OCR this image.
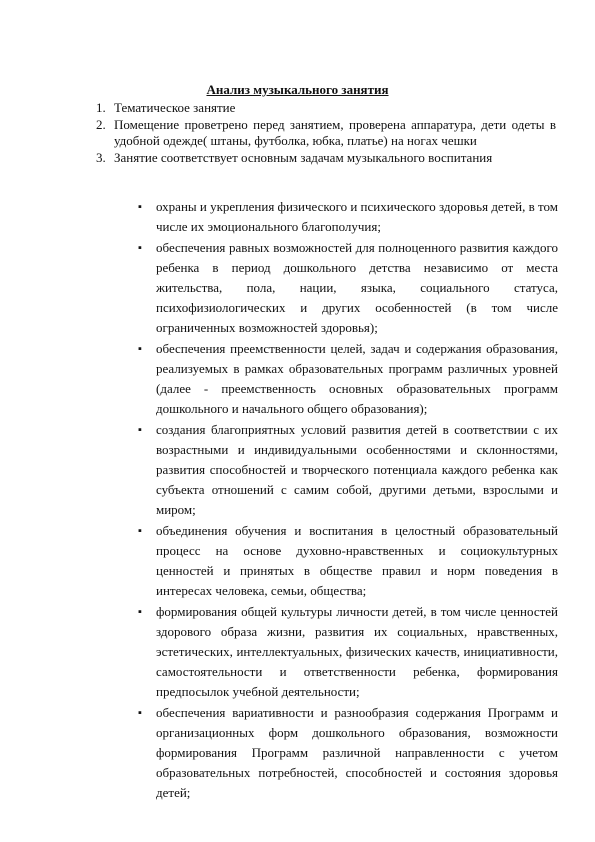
Анализ музыкального занятия
1. Тематическое занятие
2. Помещение проветрено перед занятием, проверена аппаратура, дети одеты в удобной одежде( штаны, футболка, юбка, платье) на ногах чешки
3. Занятие соответствует основным задачам музыкального воспитания
▪ охраны и укрепления физического и психического здоровья детей, в том числе их эмоционального благополучия;
▪ обеспечения равных возможностей для полноценного развития каждого ребенка в период дошкольного детства независимо от места жительства, пола, нации, языка, социального статуса, психофизиологических и других особенностей (в том числе ограниченных возможностей здоровья);
▪ обеспечения преемственности целей, задач и содержания образования, реализуемых в рамках образовательных программ различных уровней (далее - преемственность основных образовательных программ дошкольного и начального общего образования);
▪ создания благоприятных условий развития детей в соответствии с их возрастными и индивидуальными особенностями и склонностями, развития способностей и творческого потенциала каждого ребенка как субъекта отношений с самим собой, другими детьми, взрослыми и миром;
▪ объединения обучения и воспитания в целостный образовательный процесс на основе духовно-нравственных и социокультурных ценностей и принятых в обществе правил и норм поведения в интересах человека, семьи, общества;
▪ формирования общей культуры личности детей, в том числе ценностей здорового образа жизни, развития их социальных, нравственных, эстетических, интеллектуальных, физических качеств, инициативности, самостоятельности и ответственности ребенка, формирования предпосылок учебной деятельности;
▪ обеспечения вариативности и разнообразия содержания Программ и организационных форм дошкольного образования, возможности формирования Программ различной направленности с учетом образовательных потребностей, способностей и состояния здоровья детей;
